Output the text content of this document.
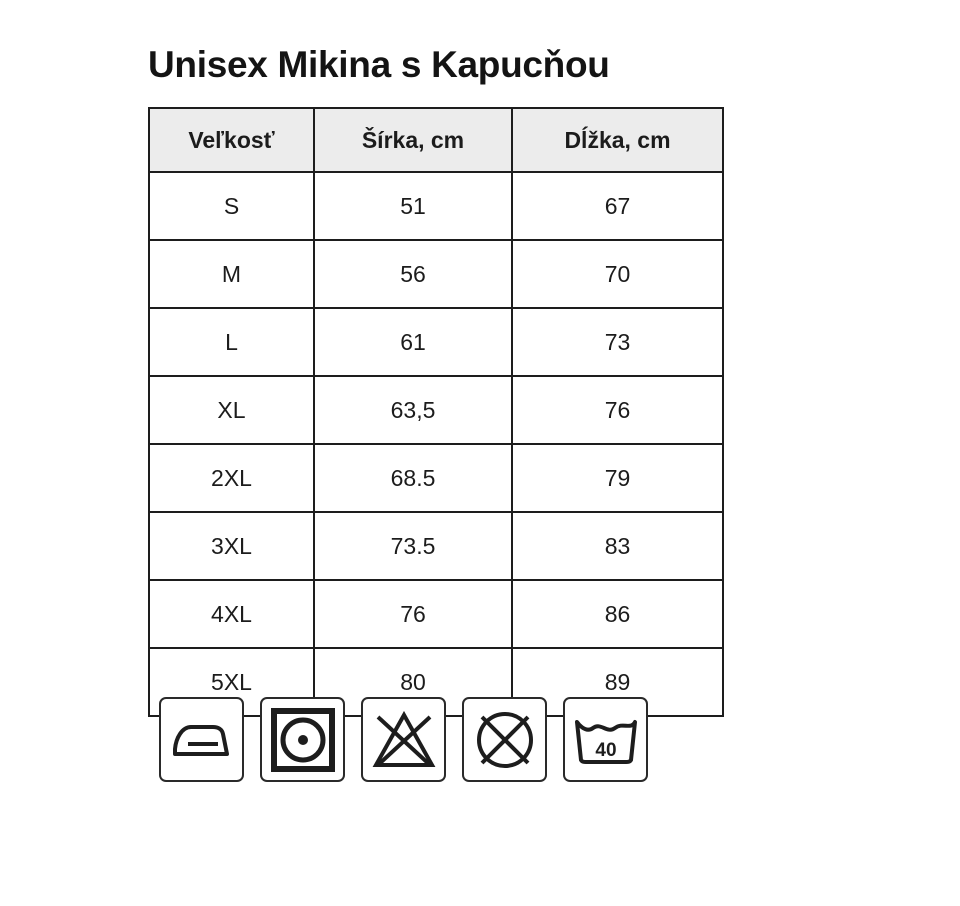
Unisex Mikina s Kapucňou
Veľkosť	Šírka, cm	Dĺžka, cm
S	51	67
M	56	70
L	61	73
XL	63,5	76
2XL	68.5	79
3XL	73.5	83
4XL	76	86
5XL	80	89
40
